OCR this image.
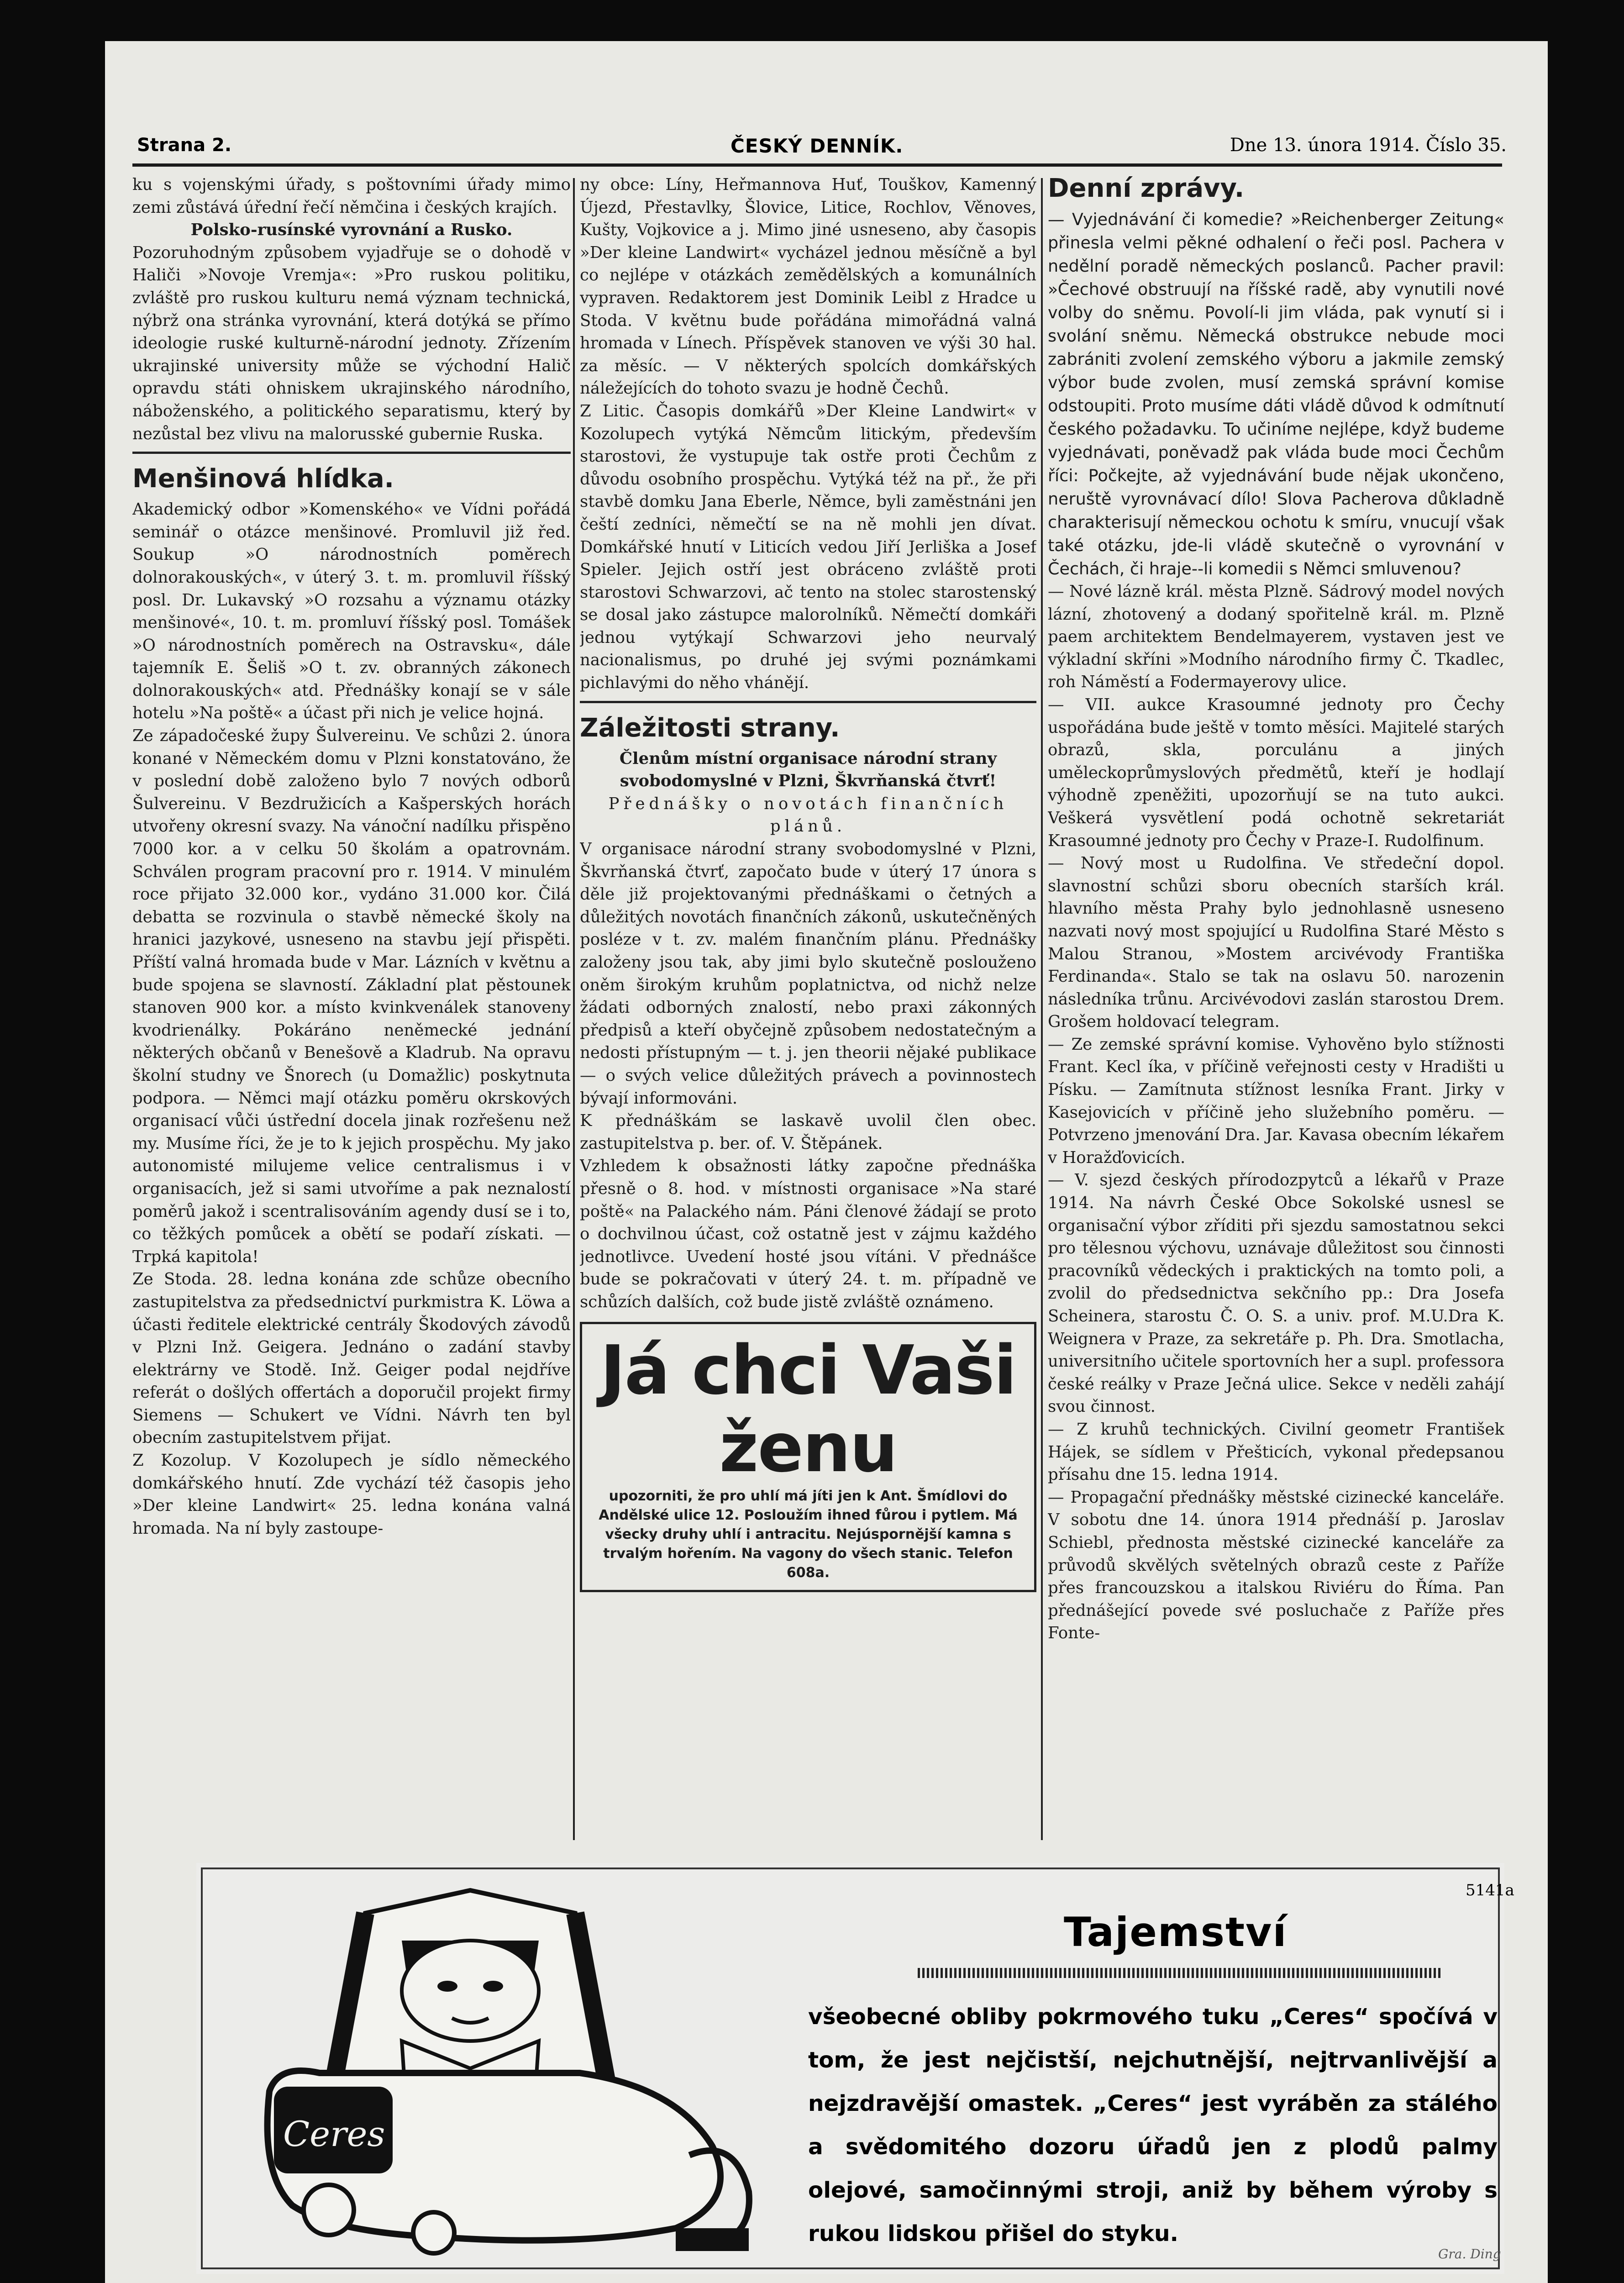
Strana 2.	ČESKÝ DENNÍK.	Dne 13. února 1914. Číslo 35.

ku s vojenskými úřady, s poštovními úřady mimo zemi zůstává úřední řečí němčina i českých krajích.

Polsko-rusínské vyrovnání a Rusko.

Pozoruhodným způsobem vyjadřuje se o dohodě v Haliči »Novoje Vremja«: »Pro ruskou politiku, zvláště pro ruskou kulturu nemá význam technická, nýbrž ona stránka vyrovnání, která dotýká se přímo ideologie ruské kulturně-národní jednoty. Zřízením ukrajinské university může se východní Halič opravdu státi ohniskem ukrajinského národního, náboženského, a politického separatismu, který by nezůstal bez vlivu na malorusské gubernie Ruska.

Menšinová hlídka.

Akademický odbor »Komenského« ve Vídni pořádá seminář o otázce menšinové. Promluvil již řed. Soukup »O národnostních poměrech dolnorakouských«, v úterý 3. t. m. promluvil říšský posl. Dr. Lukavský »O rozsahu a významu otázky menšinové«, 10. t. m. promluví říšský posl. Tomášek »O národnostních poměrech na Ostravsku«, dále tajemník E. Šeliš »O t. zv. obranných zákonech dolnorakouských« atd. Přednášky konají se v sále hotelu »Na poště« a účast při nich je velice hojná.

Ze západočeské župy Šulvereinu. Ve schůzi 2. února konané v Německém domu v Plzni konstatováno, že v poslední době založeno bylo 7 nových odborů Šulvereinu. V Bezdružicích a Kašperských horách utvořeny okresní svazy. Na vánoční nadílku přispěno 7000 kor. a v celku 50 školám a opatrovnám. Schválen program pracovní pro r. 1914. V minulém roce přijato 32.000 kor., vydáno 31.000 kor. Čilá debatta se rozvinula o stavbě německé školy na hranici jazykové, usneseno na stavbu její přispěti. Příští valná hromada bude v Mar. Lázních v květnu a bude spojena se slavností. Základní plat pěstounek stanoven 900 kor. a místo kvinkvenálek stanoveny kvodrienálky. Pokáráno neněmecké jednání některých občanů v Benešově a Kladrub. Na opravu školní studny ve Šnorech (u Domažlic) poskytnuta podpora. — Němci mají otázku poměru okrskových organisací vůči ústřední docela jinak rozřešenu než my. Musíme říci, že je to k jejich prospěchu. My jako autonomisté milujeme velice centralismus i v organisacích, jež si sami utvoříme a pak neznalostí poměrů jakož i scentralisováním agendy dusí se i to, co těžkých pomůcek a obětí se podaří získati. — Trpká kapitola!

Ze Stoda. 28. ledna konána zde schůze obecního zastupitelstva za předsednictví purkmistra K. Löwa a účasti ředitele elektrické centrály Škodových závodů v Plzni Inž. Geigera. Jednáno o zadání stavby elektrárny ve Stodě. Inž. Geiger podal nejdříve referát o došlých offertách a doporučil projekt firmy Siemens — Schukert ve Vídni. Návrh ten byl obecním zastupitelstvem přijat.

Z Kozolup. V Kozolupech je sídlo německého domkářského hnutí. Zde vychází též časopis jeho »Der kleine Landwirt« 25. ledna konána valná hromada. Na ní byly zastoupe-

ny obce: Líny, Heřmannova Huť, Touškov, Kamenný Újezd, Přestavlky, Šlovice, Litice, Rochlov, Věnoves, Kušty, Vojkovice a j. Mimo jiné usneseno, aby časopis »Der kleine Landwirt« vycházel jednou měsíčně a byl co nejlépe v otázkách zemědělských a komunálních vypraven. Redaktorem jest Dominik Leibl z Hradce u Stoda. V květnu bude pořádána mimořádná valná hromada v Línech. Příspěvek stanoven ve výši 30 hal. za měsíc. — V některých spolcích domkářských náležejících do tohoto svazu je hodně Čechů.

Z Litic. Časopis domkářů »Der Kleine Landwirt« v Kozolupech vytýká Němcům litickým, především starostovi, že vystupuje tak ostře proti Čechům z důvodu osobního prospěchu. Vytýká též na př., že při stavbě domku Jana Eberle, Němce, byli zaměstnáni jen čeští zedníci, němečtí se na ně mohli jen dívat. Domkářské hnutí v Liticích vedou Jiří Jerliška a Josef Spieler. Jejich ostří jest obráceno zvláště proti starostovi Schwarzovi, ač tento na stolec starostenský se dosal jako zástupce malorolníků. Němečtí domkáři jednou vytýkají Schwarzovi jeho neurvalý nacionalismus, po druhé jej svými poznámkami pichlavými do něho vhánějí.

Záležitosti strany.

Členům místní organisace národní strany svobodomyslné v Plzni, Škvrňanská čtvrť!

Přednášky o novotách finančních plánů.

V organisace národní strany svobodomyslné v Plzni, Škvrňanská čtvrť, započato bude v úterý 17 února s děle již projektovanými přednáškami o četných a důležitých novotách finančních zákonů, uskutečněných posléze v t. zv. malém finančním plánu. Přednášky založeny jsou tak, aby jimi bylo skutečně poslouženo oněm širokým kruhům poplatnictva, od nichž nelze žádati odborných znalostí, nebo praxi zákonných předpisů a kteří obyčejně způsobem nedostatečným a nedosti přístupným — t. j. jen theorii nějaké publikace — o svých velice důležitých právech a povinnostech bývají informováni.

K přednáškám se laskavě uvolil člen obec. zastupitelstva p. ber. of. V. Štěpánek.

Vzhledem k obsažnosti látky započne přednáška přesně o 8. hod. v místnosti organisace »Na staré poště« na Palackého nám. Páni členové žádají se proto o dochvilnou účast, což ostatně jest v zájmu každého jednotlivce. Uvedení hosté jsou vítáni. V přednášce bude se pokračovati v úterý 24. t. m. případně ve schůzích dalších, což bude jistě zvláště oznámeno.

Já chci Vaši ženu
upozorniti, že pro uhlí má jíti jen k Ant. Šmídlovi do Andělské ulice 12. Posloužím ihned fůrou i pytlem. Má všecky druhy uhlí i antracitu. Nejúspornější kamna s trvalým hořením. Na vagony do všech stanic. Telefon 608a.

Denní zprávy.

— Vyjednávání či komedie? »Reichenberger Zeitung« přinesla velmi pěkné odhalení o řeči posl. Pachera v nedělní poradě německých poslanců. Pacher pravil: »Čechové obstruují na říšské radě, aby vynutili nové volby do sněmu. Povolí-li jim vláda, pak vynutí si i svolání sněmu. Německá obstrukce nebude moci zabrániti zvolení zemského výboru a jakmile zemský výbor bude zvolen, musí zemská správní komise odstoupiti. Proto musíme dáti vládě důvod k odmítnutí českého požadavku. To učiníme nejlépe, když budeme vyjednávati, poněvadž pak vláda bude moci Čechům říci: Počkejte, až vyjednávání bude nějak ukončeno, neruště vyrovnávací dílo! Slova Pacherova důkladně charakterisují německou ochotu k smíru, vnucují však také otázku, jde-li vládě skutečně o vyrovnání v Čechách, či hraje--li komedii s Němci smluvenou?

— Nové lázně král. města Plzně. Sádrový model nových lázní, zhotovený a dodaný spořitelně král. m. Plzně paem architektem Bendelmayerem, vystaven jest ve výkladní skříni »Modního národního firmy Č. Tkadlec, roh Náměstí a Fodermayerovy ulice.

— VII. aukce Krasoumné jednoty pro Čechy uspořádána bude ještě v tomto měsíci. Majitelé starých obrazů, skla, porculánu a jiných uměleckoprůmyslových předmětů, kteří je hodlají výhodně zpeněžiti, upozorňují se na tuto aukci. Veškerá vysvětlení podá ochotně sekretariát Krasoumné jednoty pro Čechy v Praze-I. Rudolfinum.

— Nový most u Rudolfina. Ve středeční dopol. slavnostní schůzi sboru obecních starších král. hlavního města Prahy bylo jednohlasně usneseno nazvati nový most spojující u Rudolfina Staré Město s Malou Stranou, »Mostem arcivévody Františka Ferdinanda«. Stalo se tak na oslavu 50. narozenin následníka trůnu. Arcivévodovi zaslán starostou Drem. Grošem holdovací telegram.

— Ze zemské správní komise. Vyhověno bylo stížnosti Frant. Kecl íka, v příčině veřejnosti cesty v Hradišti u Písku. — Zamítnuta stížnost lesníka Frant. Jirky v Kasejovicích v příčině jeho služebního poměru. — Potvrzeno jmenování Dra. Jar. Kavasa obecním lékařem v Horažďovicích.

— V. sjezd českých přírodozpytců a lékařů v Praze 1914. Na návrh České Obce Sokolské usnesl se organisační výbor zříditi při sjezdu samostatnou sekci pro tělesnou výchovu, uznávaje důležitost sou činnosti pracovníků vědeckých i praktických na tomto poli, a zvolil do předsednictva sekčního pp.: Dra Josefa Scheinera, starostu Č. O. S. a univ. prof. M.U.Dra K. Weignera v Praze, za sekretáře p. Ph. Dra. Smotlacha, universitního učitele sportovních her a supl. professora české reálky v Praze Ječná ulice. Sekce v neděli zahájí svou činnost.

— Z kruhů technických. Civilní geometr František Hájek, se sídlem v Přešticích, vykonal předepsanou přísahu dne 15. ledna 1914.

— Propagační přednášky městské cizinecké kanceláře. V sobotu dne 14. února 1914 přednáší p. Jaroslav Schiebl, přednosta městské cizinecké kanceláře za průvodů skvělých světelných obrazů ceste z Paříže přes francouzskou a italskou Riviéru do Říma. Pan přednášející povede své posluchače z Paříže přes Fonte-

Ceres
5141a
Tajemství
všeobecné obliby pokrmového tuku „Ceres“ spočívá v tom, že jest nejčistší, nejchutnější, nejtrvanlivější a nejzdravější omastek. „Ceres“ jest vyráběn za stálého a svědomitého dozoru úřadů jen z plodů palmy olejové, samočinnými stroji, aniž by během výroby s rukou lidskou přišel do styku.
Gra. Ding
